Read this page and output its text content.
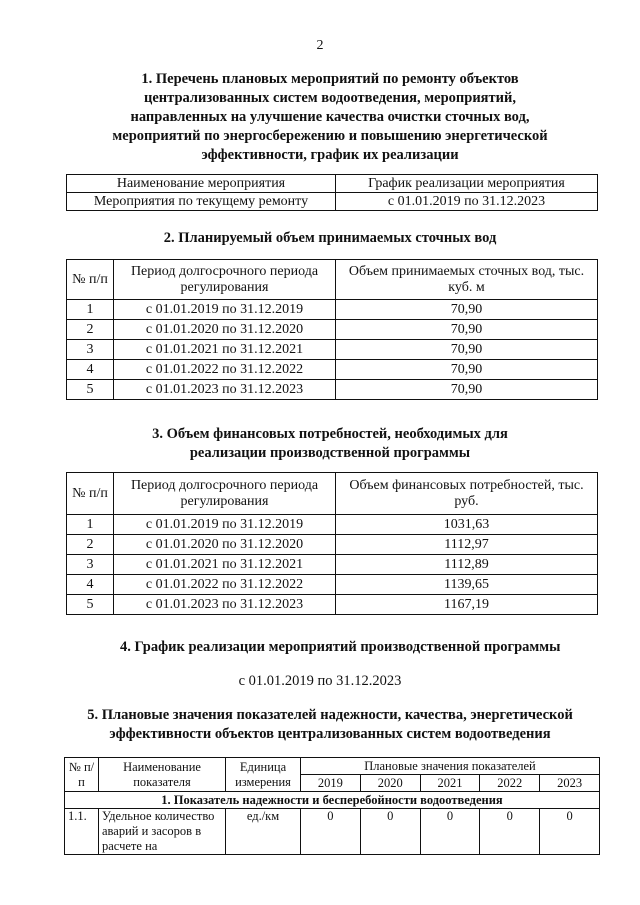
2
1. Перечень плановых мероприятий по ремонту объектов
централизованных систем водоотведения, мероприятий,
направленных на улучшение качества очистки сточных вод,
мероприятий по энергосбережению и повышению энергетической
эффективности, график их реализации
Наименование мероприятия	График реализации мероприятия
Мероприятия по текущему ремонту	с 01.01.2019 по 31.12.2023
2. Планируемый объем принимаемых сточных вод
№ п/п	Период долгосрочного периода регулирования	Объем принимаемых сточных вод, тыс. куб. м
1	с 01.01.2019 по 31.12.2019	70,90
2	с 01.01.2020 по 31.12.2020	70,90
3	с 01.01.2021 по 31.12.2021	70,90
4	с 01.01.2022 по 31.12.2022	70,90
5	с 01.01.2023 по 31.12.2023	70,90
3. Объем финансовых потребностей, необходимых для
реализации производственной программы
№ п/п	Период долгосрочного периода регулирования	Объем финансовых потребностей, тыс. руб.
1	с 01.01.2019 по 31.12.2019	1031,63
2	с 01.01.2020 по 31.12.2020	1112,97
3	с 01.01.2021 по 31.12.2021	1112,89
4	с 01.01.2022 по 31.12.2022	1139,65
5	с 01.01.2023 по 31.12.2023	1167,19
4. График реализации мероприятий производственной программы
с 01.01.2019 по 31.12.2023
5. Плановые значения показателей надежности, качества, энергетической
эффективности объектов централизованных систем водоотведения
№ п/п	Наименование показателя	Единица измерения	Плановые значения показателей				
			2019	2020	2021	2022	2023
1. Показатель надежности и бесперебойности водоотведения							
1.1.	Удельное количество аварий и засоров в расчете на	ед./км	0	0	0	0	0
